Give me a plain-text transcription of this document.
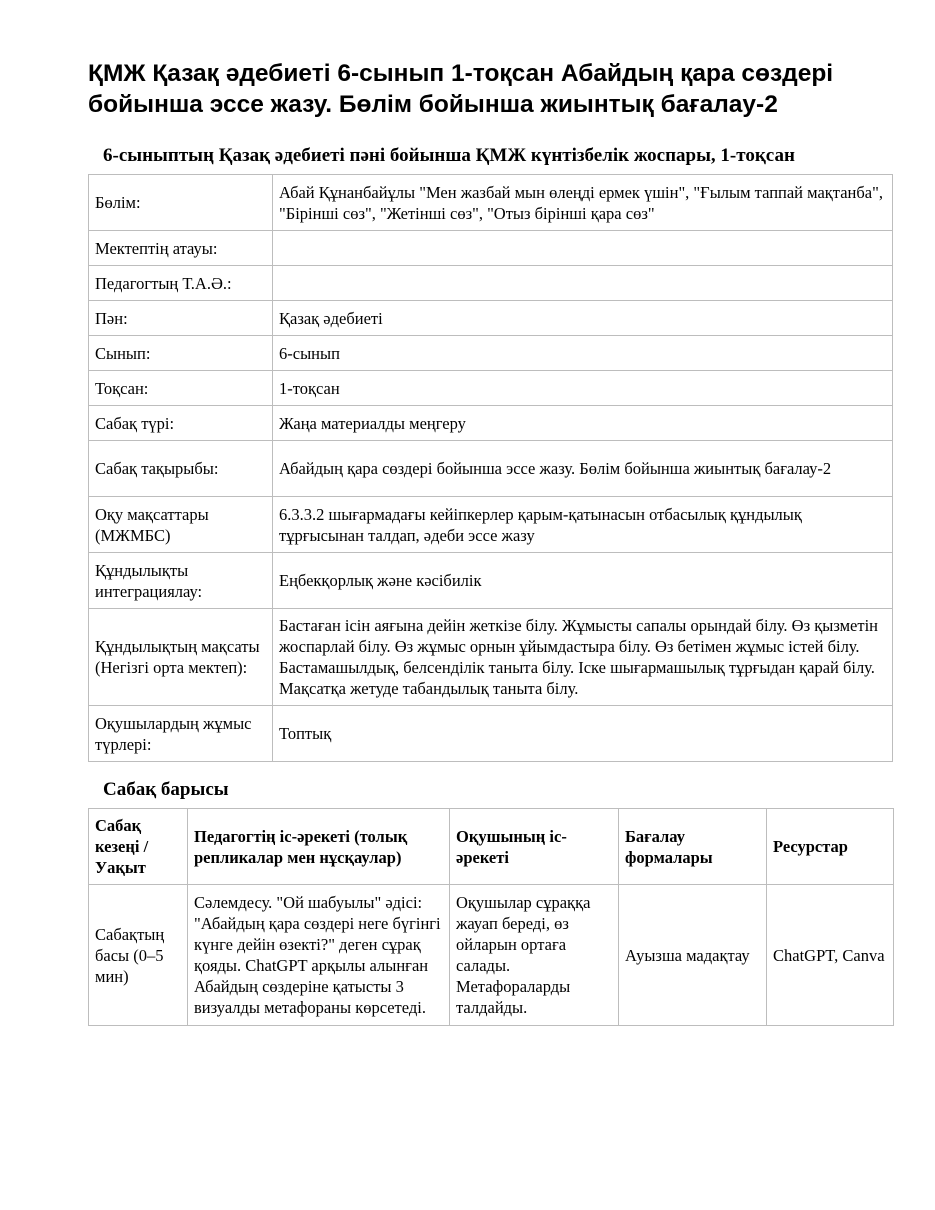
ҚМЖ Қазақ әдебиеті 6-сынып 1-тоқсан Абайдың қара сөздері бойынша эссе жазу. Бөлім бойынша жиынтық бағалау-2
6-сыныптың Қазақ әдебиеті пәні бойынша ҚМЖ күнтізбелік жоспары, 1-тоқсан
Бөлім:	Абай Құнанбайұлы "Мен жазбай мын өлеңді ермек үшін", "Ғылым таппай мақтанба", "Бірінші сөз", "Жетінші сөз", "Отыз бірінші қара сөз"
Мектептің атауы:	
Педагогтың Т.А.Ә.:	
Пән:	Қазақ әдебиеті
Сынып:	6-сынып
Тоқсан:	1-тоқсан
Сабақ түрі:	Жаңа материалды меңгеру
Сабақ тақырыбы:	Абайдың қара сөздері бойынша эссе жазу. Бөлім бойынша жиынтық бағалау-2
Оқу мақсаттары (МЖМБС)	6.3.3.2 шығармадағы кейіпкерлер қарым-қатынасын отбасылық құндылық тұрғысынан талдап, әдеби эссе жазу
Құндылықты интеграциялау:	Еңбекқорлық және кәсібилік
Құндылықтың мақсаты (Негізгі орта мектеп):	Бастаған ісін аяғына дейін жеткізе білу. Жұмысты сапалы орындай білу. Өз қызметін жоспарлай білу. Өз жұмыс орнын ұйымдастыра білу. Өз бетімен жұмыс істей білу. Бастамашылдық, белсенділік таныта білу. Іске шығармашылық тұрғыдан қарай білу. Мақсатқа жетуде табандылық таныта білу.
Оқушылардың жұмыс түрлері:	Топтық
Сабақ барысы
Сабақ кезеңі / Уақыт	Педагогтің іс-әрекеті (толық репликалар мен нұсқаулар)	Оқушының іс-әрекеті	Бағалау формалары	Ресурстар
Сабақтың басы (0–5 мин)	Сәлемдесу. "Ой шабуылы" әдісі: "Абайдың қара сөздері неге бүгінгі күнге дейін өзекті?" деген сұрақ қояды. ChatGPT арқылы алынған Абайдың сөздеріне қатысты 3 визуалды метафораны көрсетеді.	Оқушылар сұраққа жауап береді, өз ойларын ортаға салады. Метафораларды талдайды.	Ауызша мадақтау	ChatGPT, Canva
